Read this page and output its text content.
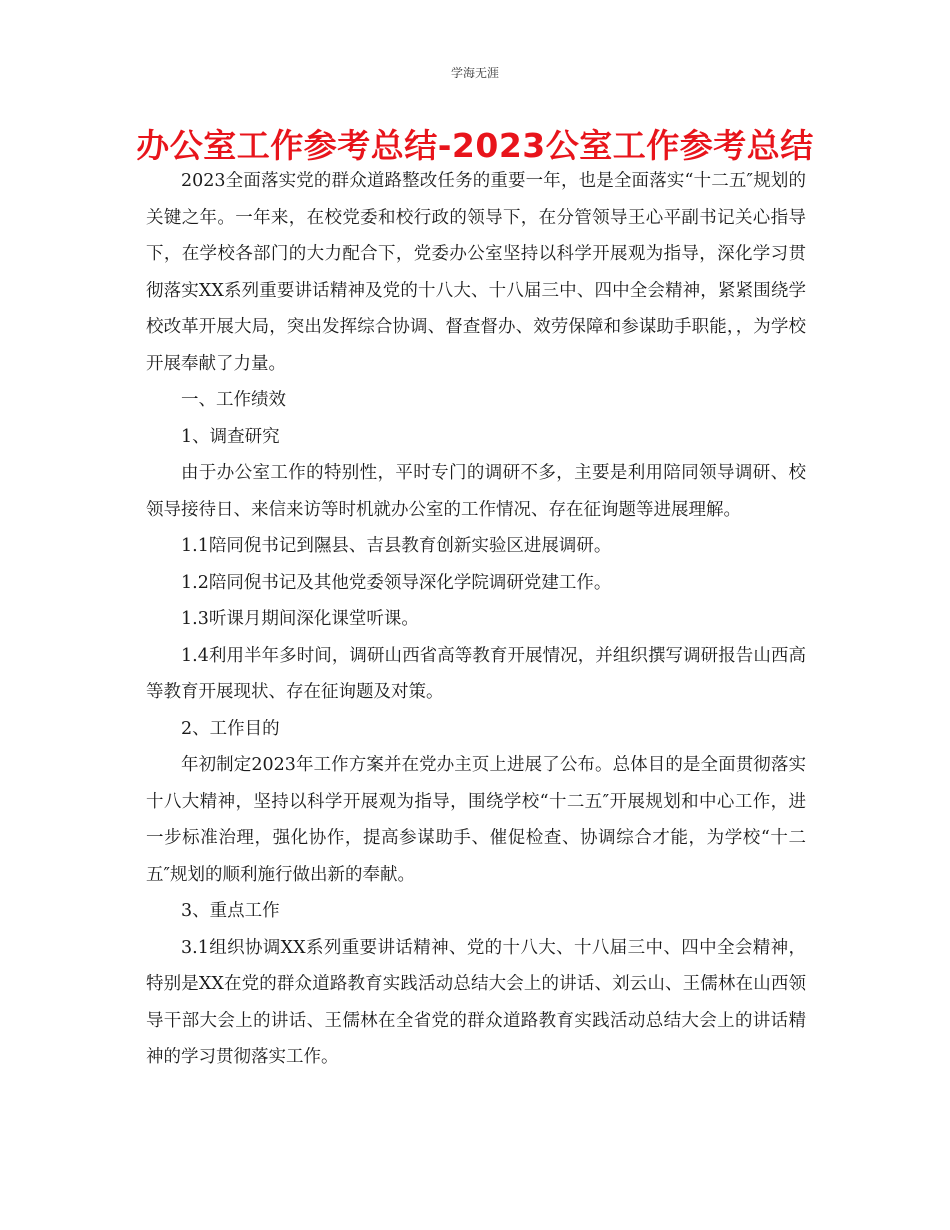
学海无涯
办公室工作参考总结-2023公室工作参考总结

2023全面落实党的群众道路整改任务的重要一年，也是全面落实“十二五″规划的关键之年。一年来，在校党委和校行政的领导下，在分管领导王心平副书记关心指导下，在学校各部门的大力配合下，党委办公室坚持以科学开展观为指导，深化学习贯彻落实XX系列重要讲话精神及党的十八大、十八届三中、四中全会精神，紧紧围绕学校改革开展大局，突出发挥综合协调、督查督办、效劳保障和参谋助手职能，，为学校开展奉献了力量。

一、工作绩效

1、调查研究

由于办公室工作的特别性，平时专门的调研不多，主要是利用陪同领导调研、校领导接待日、来信来访等时机就办公室的工作情况、存在征询题等进展理解。

1.1陪同倪书记到隰县、吉县教育创新实验区进展调研。

1.2陪同倪书记及其他党委领导深化学院调研党建工作。

1.3听课月期间深化课堂听课。

1.4利用半年多时间，调研山西省高等教育开展情况，并组织撰写调研报告山西高等教育开展现状、存在征询题及对策。

2、工作目的

年初制定2023年工作方案并在党办主页上进展了公布。总体目的是全面贯彻落实十八大精神，坚持以科学开展观为指导，围绕学校“十二五″开展规划和中心工作，进一步标准治理，强化协作，提高参谋助手、催促检查、协调综合才能，为学校“十二五″规划的顺利施行做出新的奉献。

3、重点工作

3.1组织协调XX系列重要讲话精神、党的十八大、十八届三中、四中全会精神，特别是XX在党的群众道路教育实践活动总结大会上的讲话、刘云山、王儒林在山西领导干部大会上的讲话、王儒林在全省党的群众道路教育实践活动总结大会上的讲话精神的学习贯彻落实工作。
